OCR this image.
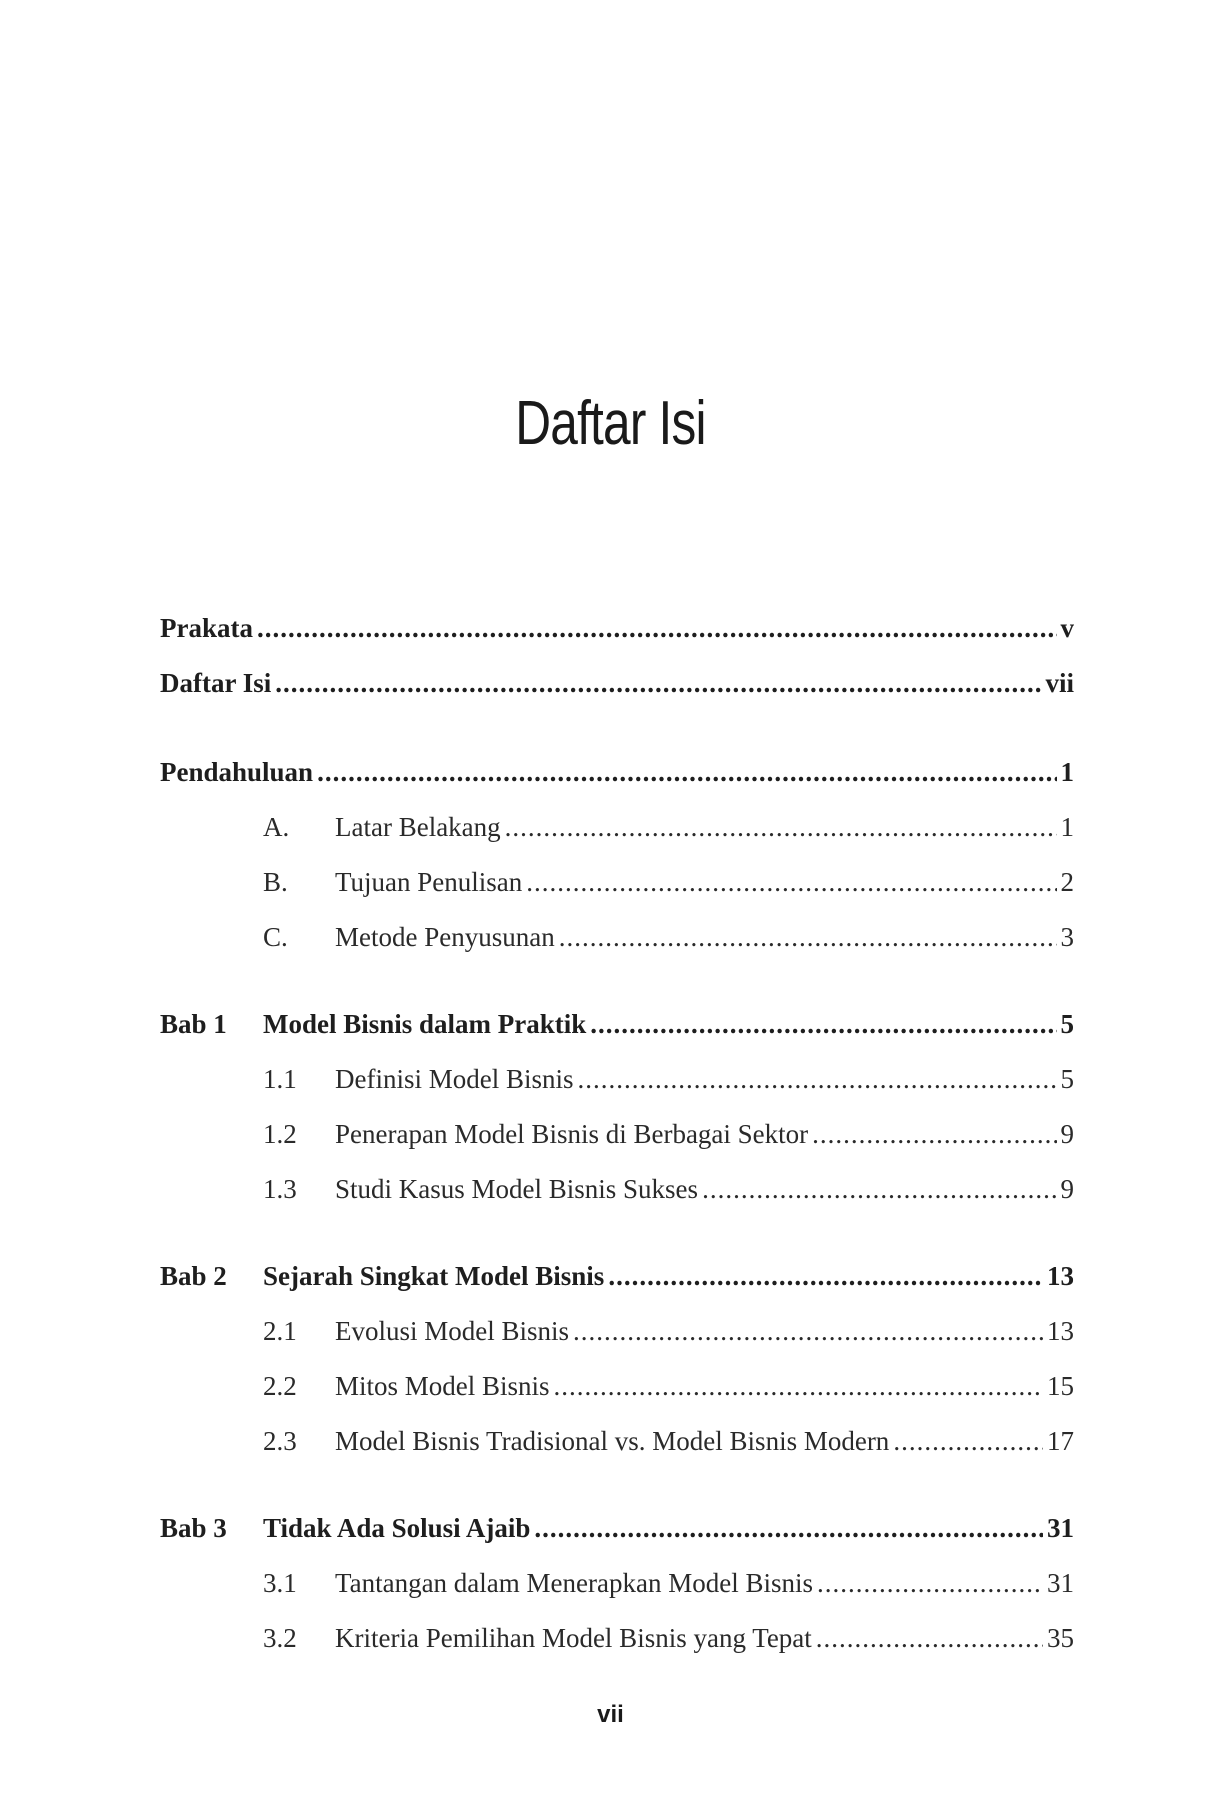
Daftar Isi
Prakata .....	v
Daftar Isi .....	vii
Pendahuluan .....	1
A.	Latar Belakang .....	1
B.	Tujuan Penulisan .....	2
C.	Metode Penyusunan .....	3
Bab 1	Model Bisnis dalam Praktik .....	5
1.1	Definisi Model Bisnis .....	5
1.2	Penerapan Model Bisnis di Berbagai Sektor .....	9
1.3	Studi Kasus Model Bisnis Sukses .....	9
Bab 2	Sejarah Singkat Model Bisnis .....	13
2.1	Evolusi Model Bisnis .....	13
2.2	Mitos Model Bisnis .....	15
2.3	Model Bisnis Tradisional vs. Model Bisnis Modern .....	17
Bab 3	Tidak Ada Solusi Ajaib .....	31
3.1	Tantangan dalam Menerapkan Model Bisnis .....	31
3.2	Kriteria Pemilihan Model Bisnis yang Tepat .....	35
vii
